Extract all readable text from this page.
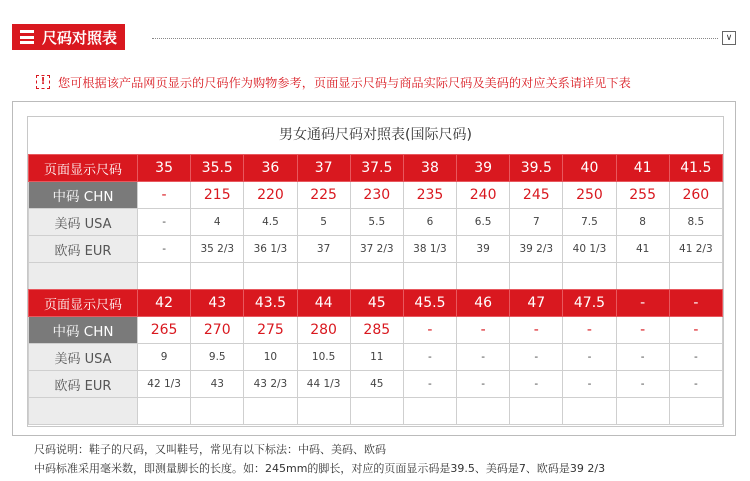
尺码对照表	∨
!	您可根据该产品网页显示的尺码作为购物参考，页面显示尺码与商品实际尺码及美码的对应关系请详见下表
男女通码尺码对照表(国际尺码)
页面显示尺码	35	35.5	36	37	37.5	38	39	39.5	40	41	41.5
中码 CHN	-	215	220	225	230	235	240	245	250	255	260
美码 USA	-	4	4.5	5	5.5	6	6.5	7	7.5	8	8.5
欧码 EUR	-	35 2/3	36 1/3	37	37 2/3	38 1/3	39	39 2/3	40 1/3	41	41 2/3

页面显示尺码	42	43	43.5	44	45	45.5	46	47	47.5	-	-
中码 CHN	265	270	275	280	285	-	-	-	-	-	-
美码 USA	9	9.5	10	10.5	11	-	-	-	-	-	-
欧码 EUR	42 1/3	43	43 2/3	44 1/3	45	-	-	-	-	-	-

尺码说明：鞋子的尺码，又叫鞋号，常见有以下标法：中码、美码、欧码
中码标准采用毫米数，即测量脚长的长度。如：245mm的脚长，对应的页面显示码是39.5、美码是7、欧码是39 2/3
